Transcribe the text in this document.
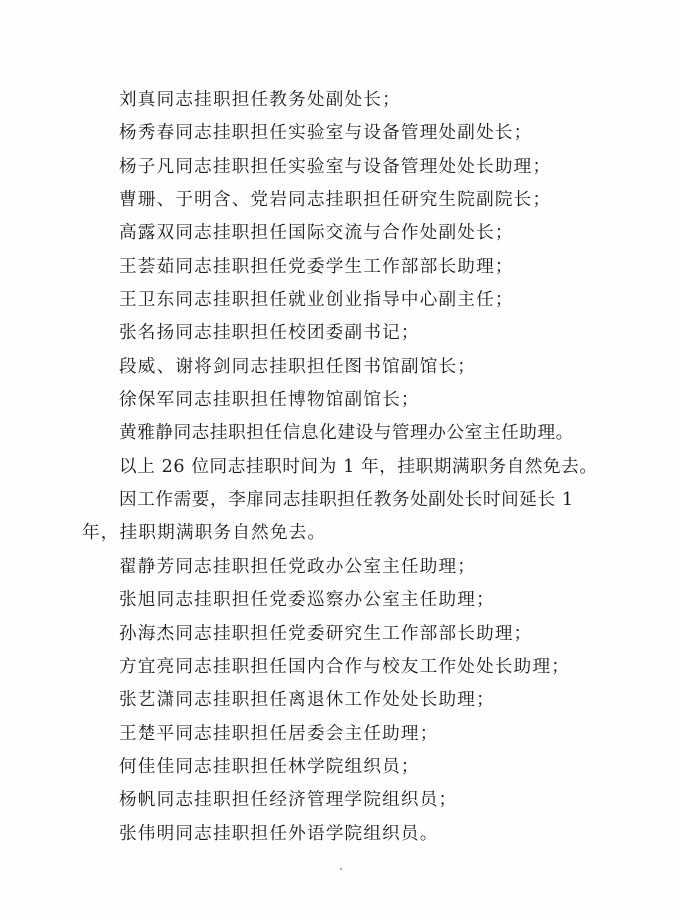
刘真同志挂职担任教务处副处长；
杨秀春同志挂职担任实验室与设备管理处副处长；
杨子凡同志挂职担任实验室与设备管理处处长助理；
曹珊、于明含、党岩同志挂职担任研究生院副院长；
高露双同志挂职担任国际交流与合作处副处长；
王荟茹同志挂职担任党委学生工作部部长助理；
王卫东同志挂职担任就业创业指导中心副主任；
张名扬同志挂职担任校团委副书记；
段威、谢将剑同志挂职担任图书馆副馆长；
徐保军同志挂职担任博物馆副馆长；
黄雅静同志挂职担任信息化建设与管理办公室主任助理。
以上 26 位同志挂职时间为 1 年，挂职期满职务自然免去。
因工作需要，李扉同志挂职担任教务处副处长时间延长 1
年，挂职期满职务自然免去。
翟静芳同志挂职担任党政办公室主任助理；
张旭同志挂职担任党委巡察办公室主任助理；
孙海杰同志挂职担任党委研究生工作部部长助理；
方宜亮同志挂职担任国内合作与校友工作处处长助理；
张艺潇同志挂职担任离退休工作处处长助理；
王楚平同志挂职担任居委会主任助理；
何佳佳同志挂职担任林学院组织员；
杨帆同志挂职担任经济管理学院组织员；
张伟明同志挂职担任外语学院组织员。
